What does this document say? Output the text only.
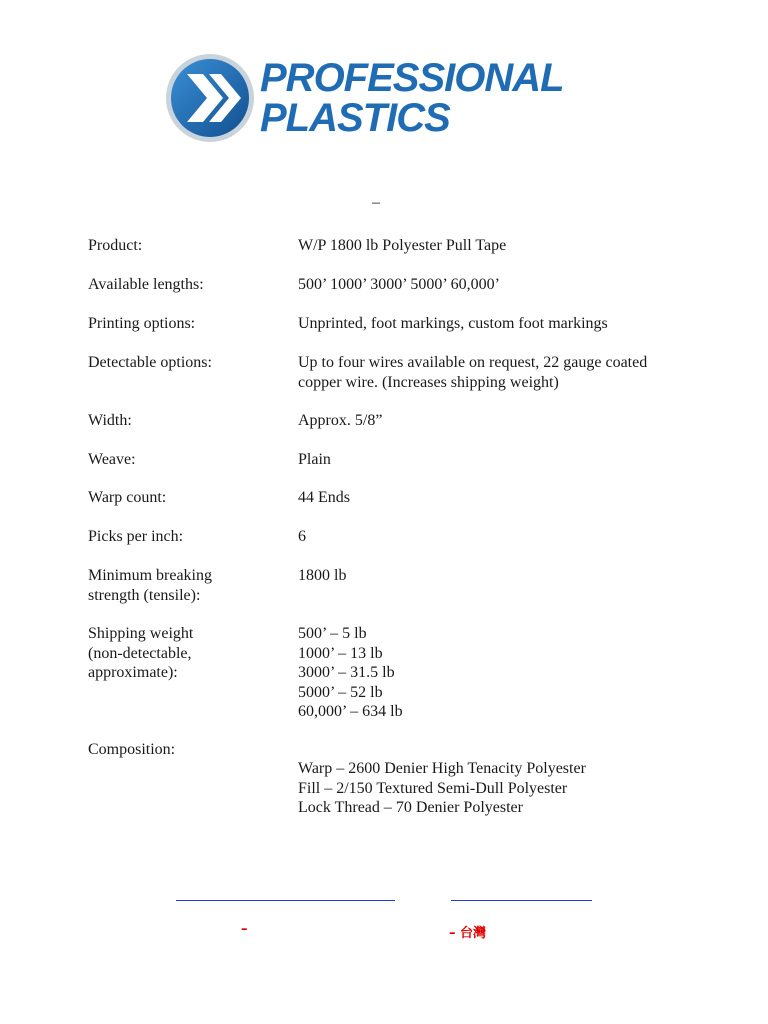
PROFESSIONAL
PLASTICS
–
Product:	W/P 1800 lb Polyester Pull Tape
Available lengths:	500’ 1000’ 3000’ 5000’ 60,000’
Printing options:	Unprinted, foot markings, custom foot markings
Detectable options:	Up to four wires available on request, 22 gauge coated copper wire. (Increases shipping weight)
Width:	Approx. 5/8”
Weave:	Plain
Warp count:	44 Ends
Picks per inch:	6
Minimum breaking strength (tensile):
1800 lb
Shipping weight (non-detectable, approximate):
500’ – 5 lb
1000’ – 13 lb
3000’ – 31.5 lb
5000’ – 52 lb
60,000’ – 634 lb
Composition:
Warp – 2600 Denier High Tenacity Polyester
Fill – 2/150 Textured Semi-Dull Polyester
Lock Thread – 70 Denier Polyester
–	– 台灣
